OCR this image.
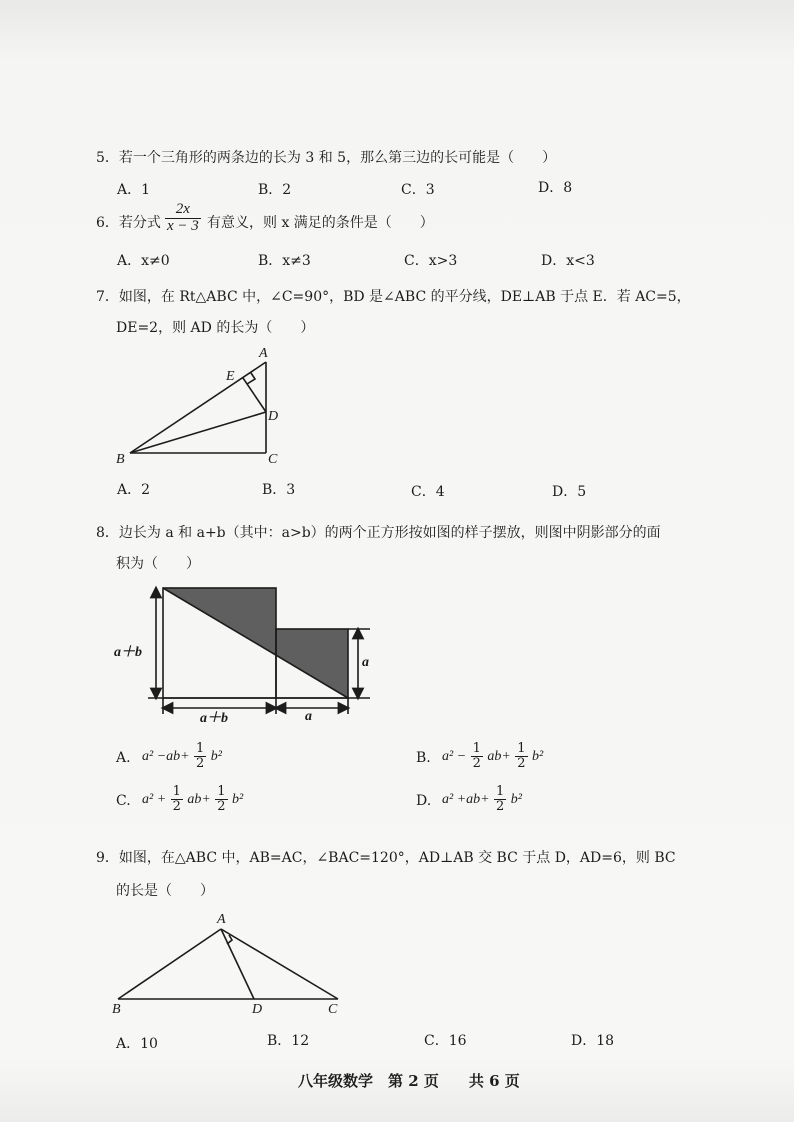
5．若一个三角形的两条边的长为 3 和 5，那么第三边的长可能是（　　）
A．1	B．2	C．3	D．8
6．若分式 $\frac{2x}{x - 3}$ 有意义，则 x 满足的条件是（　　）
A．x≠0	B．x≠3	C．x>3	D．x<3
7．如图，在 Rt△ABC 中，∠C=90°，BD 是∠ABC 的平分线，DE⊥AB 于点 E．若 AC=5，
DE=2，则 AD 的长为（　　）
A
E
D
B	C
A．2	B．3	C．4	D．5
8．边长为 a 和 a+b（其中：a>b）的两个正方形按如图的样子摆放，则图中阴影部分的面
积为（　　）
a＋b
a＋b	a
a
A. $a^2 -ab+ \frac{1}{2} b^2$	B. $a^2 - \frac{1}{2} ab+ \frac{1}{2} b^2$
C. $a^2 + \frac{1}{2} ab+ \frac{1}{2} b^2$	D. $a^2 +ab+ \frac{1}{2} b^2$
9．如图，在△ABC 中，AB=AC，∠BAC=120°，AD⊥AB 交 BC 于点 D，AD=6，则 BC
的长是（　　）
A
B	D	C
A．10	B．12	C．16	D．18
八年级数学　第 2 页　　共 6 页
